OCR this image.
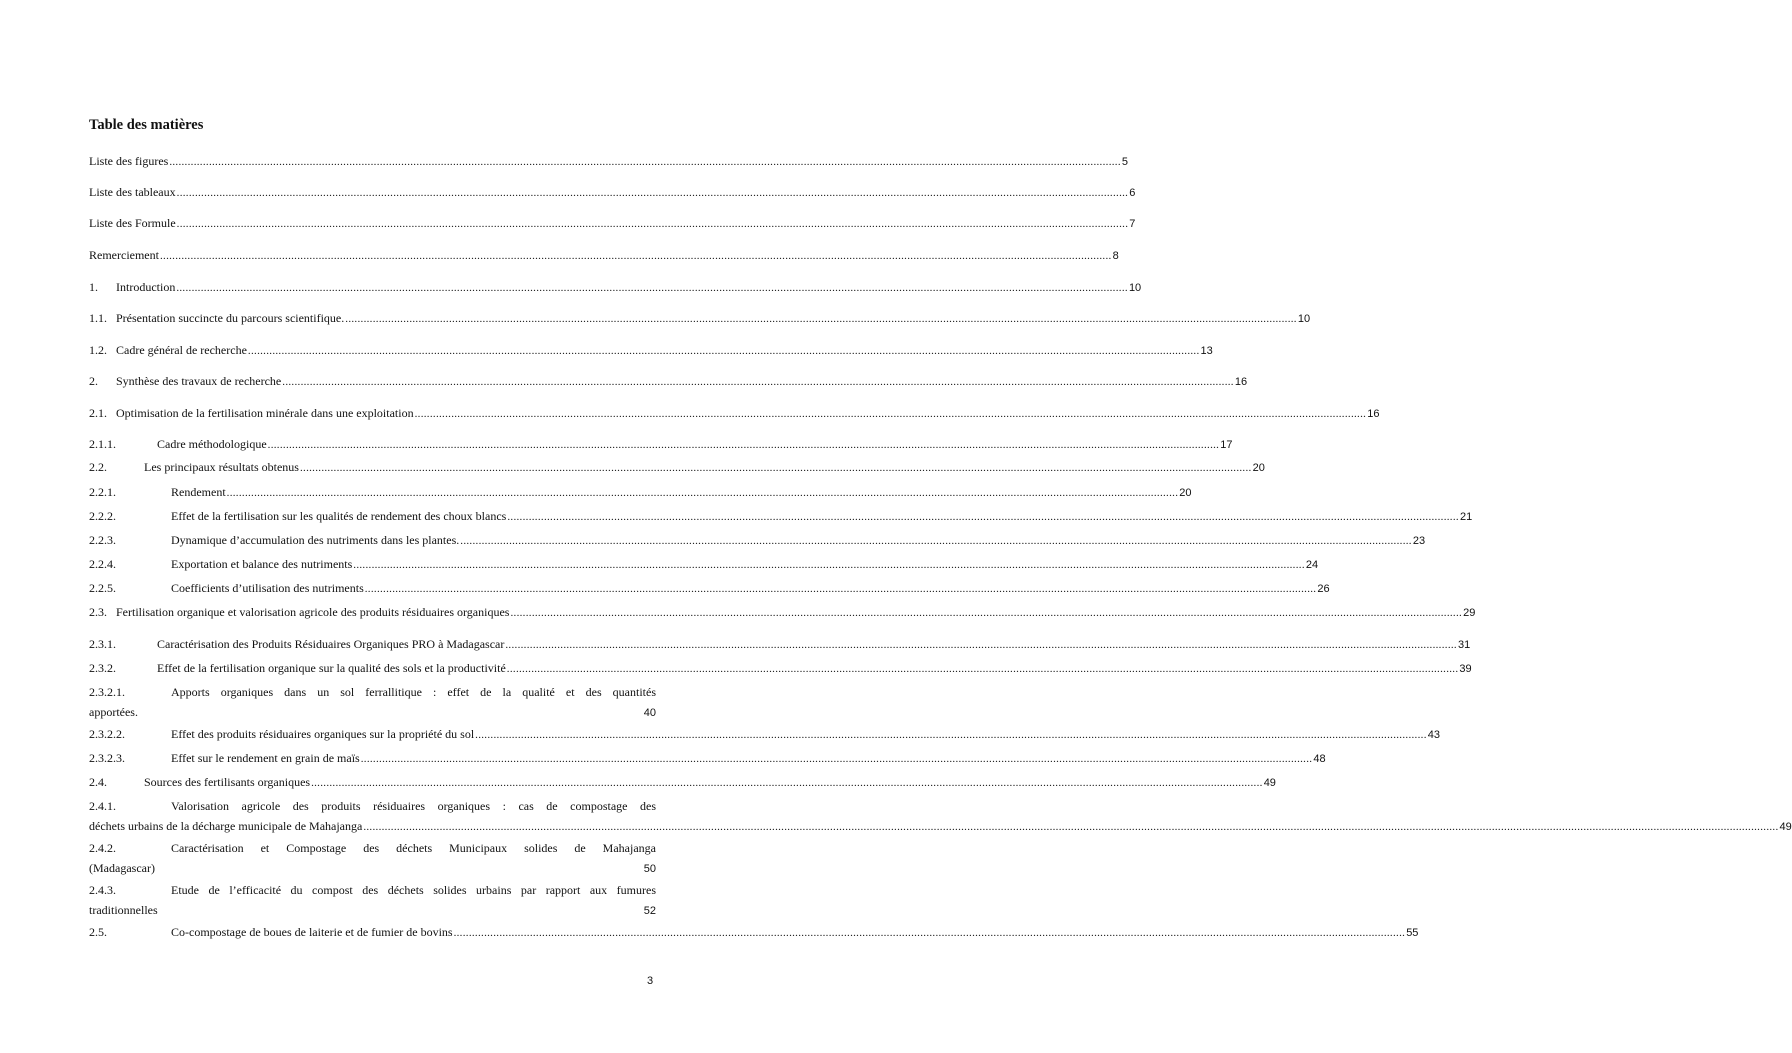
Table des matières
Liste des figures .....	5
Liste des tableaux .....	6
Liste des Formule .....	7
Remerciement .....	8
1.	Introduction .....	10
1.1. Présentation succincte du parcours scientifique. .....	10
1.2. Cadre général de recherche .....	13
2.	Synthèse des travaux de recherche .....	16
2.1. Optimisation de la fertilisation minérale dans une exploitation .....	16
2.1.1.	Cadre méthodologique .....	17
2.2.	Les principaux résultats obtenus .....	20
2.2.1.	Rendement .....	20
2.2.2.	Effet de la fertilisation sur les qualités de rendement des choux blancs .....	21
2.2.3.	Dynamique d’accumulation des nutriments dans les plantes. .....	23
2.2.4.	Exportation et balance des nutriments .....	24
2.2.5.	Coefficients d’utilisation des nutriments .....	26
2.3. Fertilisation organique et valorisation agricole des produits résiduaires organiques .....	29
2.3.1.	Caractérisation des Produits Résiduaires Organiques PRO à Madagascar .....	31
2.3.2.	Effet de la fertilisation organique sur la qualité des sols et la productivité .....	39
2.3.2.1.	Apports organiques dans un sol ferrallitique : effet de la qualité et des quantités
apportées.	40
2.3.2.2.	Effet des produits résiduaires organiques sur la propriété du sol .....	43
2.3.2.3.	Effet sur le rendement en grain de maïs .....	48
2.4.	Sources des fertilisants organiques .....	49
2.4.1.	Valorisation agricole des produits résiduaires organiques : cas de compostage des
déchets urbains de la décharge municipale de Mahajanga	..... ........................................................................................................................................................ 49
2.4.2.	Caractérisation et Compostage des déchets Municipaux solides de Mahajanga
(Madagascar)	50
2.4.3.	Etude de l’efficacité du compost des déchets solides urbains par rapport aux fumures
traditionnelles	52
2.5.	Co-compostage de boues de laiterie et de fumier de bovins .....	55
3
